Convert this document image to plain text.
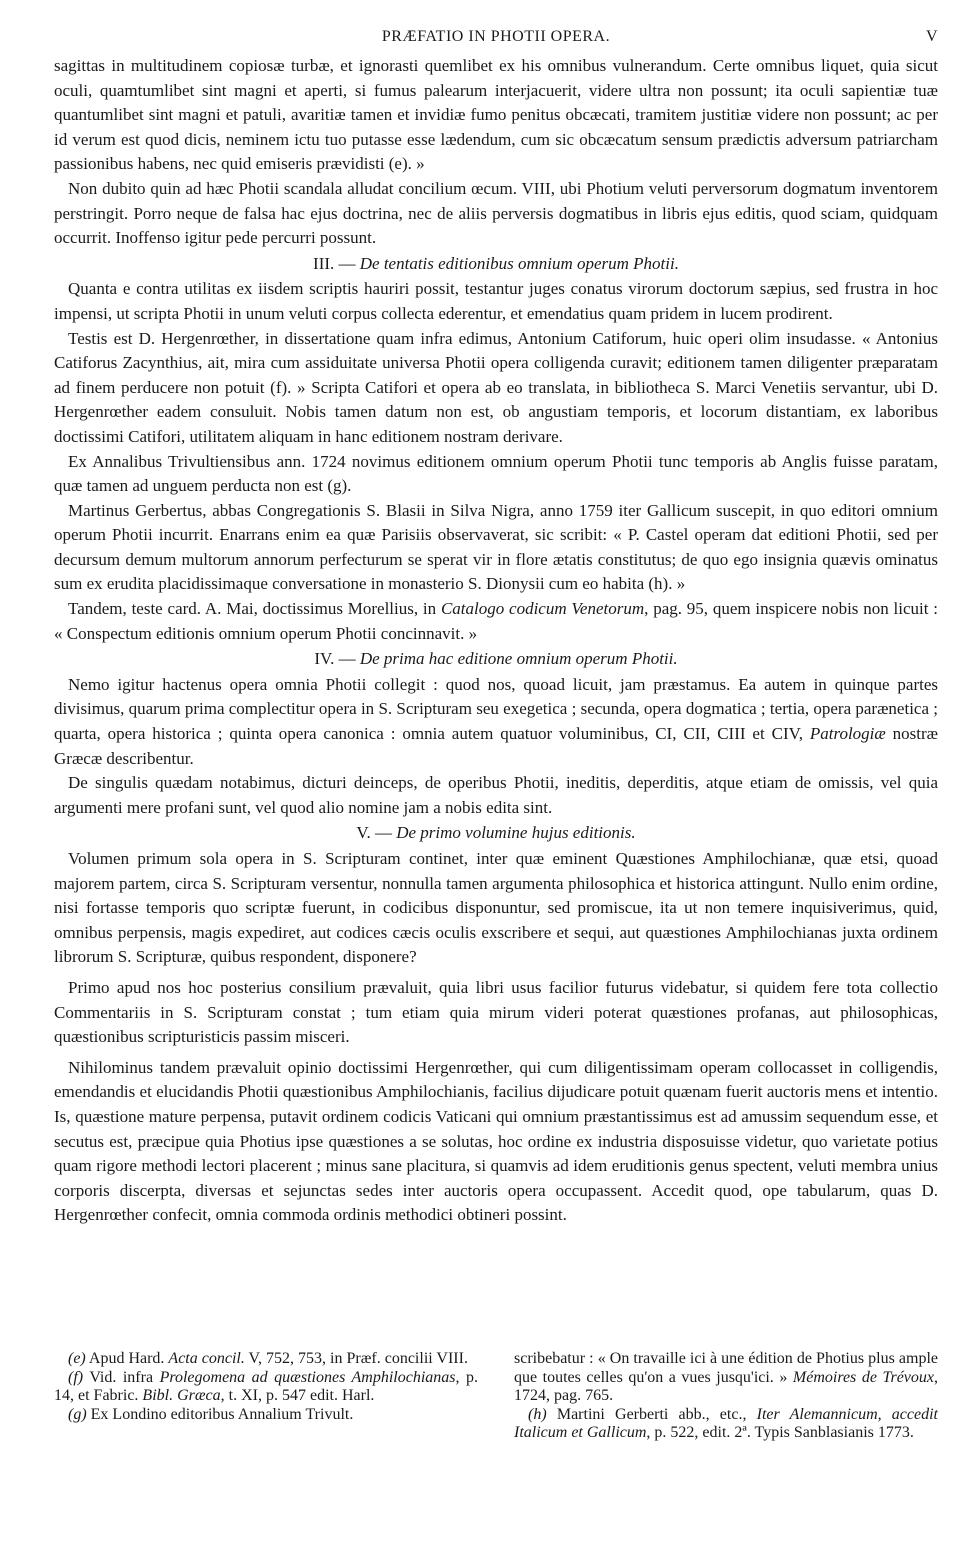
PRÆFATIO IN PHOTII OPERA.	V

sagittas in multitudinem copiosæ turbæ, et ignorasti quemlibet ex his omnibus vulnerandum. Certe omnibus liquet, quia sicut oculi, quamtumlibet sint magni et aperti, si fumus palearum interjacuerit, videre ultra non possunt; ita oculi sapientiæ tuæ quantumlibet sint magni et patuli, avaritiæ tamen et invidiæ fumo penitus obcæcati, tramitem justitiæ videre non possunt; ac per id verum est quod dicis, neminem ictu tuo putasse esse lædendum, cum sic obcæcatum sensum prædictis adversum patriarcham passionibus habens, nec quid emiseris prævidisti (e). »

Non dubito quin ad hæc Photii scandala alludat concilium œcum. VIII, ubi Photium veluti perversorum dogmatum inventorem perstringit. Porro neque de falsa hac ejus doctrina, nec de aliis perversis dogmatibus in libris ejus editis, quod sciam, quidquam occurrit. Inoffenso igitur pede percurri possunt.

III. — De tentatis editionibus omnium operum Photii.

Quanta e contra utilitas ex iisdem scriptis hauriri possit, testantur juges conatus virorum doctorum sæpius, sed frustra in hoc impensi, ut scripta Photii in unum veluti corpus collecta ederentur, et emendatius quam pridem in lucem prodirent.

Testis est D. Hergenrœther, in dissertatione quam infra edimus, Antonium Catiforum, huic operi olim insudasse. « Antonius Catiforus Zacynthius, ait, mira cum assiduitate universa Photii opera colligenda curavit; editionem tamen diligenter præparatam ad finem perducere non potuit (f). » Scripta Catifori et opera ab eo translata, in bibliotheca S. Marci Venetiis servantur, ubi D. Hergenrœther eadem consuluit. Nobis tamen datum non est, ob angustiam temporis, et locorum distantiam, ex laboribus doctissimi Catifori, utilitatem aliquam in hanc editionem nostram derivare.

Ex Annalibus Trivultiensibus ann. 1724 novimus editionem omnium operum Photii tunc temporis ab Anglis fuisse paratam, quæ tamen ad unguem perducta non est (g).

Martinus Gerbertus, abbas Congregationis S. Blasii in Silva Nigra, anno 1759 iter Gallicum suscepit, in quo editori omnium operum Photii incurrit. Enarrans enim ea quæ Parisiis observaverat, sic scribit: « P. Castel operam dat editioni Photii, sed per decursum demum multorum annorum perfecturum se sperat vir in flore ætatis constitutus; de quo ego insignia quævis ominatus sum ex erudita placidissimaque conversatione in monasterio S. Dionysii cum eo habita (h). »

Tandem, teste card. A. Mai, doctissimus Morellius, in Catalogo codicum Venetorum, pag. 95, quem inspicere nobis non licuit : « Conspectum editionis omnium operum Photii concinnavit. »

IV. — De prima hac editione omnium operum Photii.

Nemo igitur hactenus opera omnia Photii collegit : quod nos, quoad licuit, jam præstamus. Ea autem in quinque partes divisimus, quarum prima complectitur opera in S. Scripturam seu exegetica ; secunda, opera dogmatica ; tertia, opera parænetica ; quarta, opera historica ; quinta opera canonica : omnia autem quatuor voluminibus, CI, CII, CIII et CIV, Patrologiæ nostræ Græcæ describentur.

De singulis quædam notabimus, dicturi deinceps, de operibus Photii, ineditis, deperditis, atque etiam de omissis, vel quia argumenti mere profani sunt, vel quod alio nomine jam a nobis edita sint.

V. — De primo volumine hujus editionis.

Volumen primum sola opera in S. Scripturam continet, inter quæ eminent Quæstiones Amphilochianæ, quæ etsi, quoad majorem partem, circa S. Scripturam versentur, nonnulla tamen argumenta philosophica et historica attingunt. Nullo enim ordine, nisi fortasse temporis quo scriptæ fuerunt, in codicibus disponuntur, sed promiscue, ita ut non temere inquisiverimus, quid, omnibus perpensis, magis expediret, aut codices cæcis oculis exscribere et sequi, aut quæstiones Amphilochianas juxta ordinem librorum S. Scripturæ, quibus respondent, disponere?

Primo apud nos hoc posterius consilium prævaluit, quia libri usus facilior futurus videbatur, si quidem fere tota collectio Commentariis in S. Scripturam constat ; tum etiam quia mirum videri poterat quæstiones profanas, aut philosophicas, quæstionibus scripturisticis passim misceri.

Nihilominus tandem prævaluit opinio doctissimi Hergenrœther, qui cum diligentissimam operam collocasset in colligendis, emendandis et elucidandis Photii quæstionibus Amphilochianis, facilius dijudicare potuit quænam fuerit auctoris mens et intentio. Is, quæstione mature perpensa, putavit ordinem codicis Vaticani qui omnium præstantissimus est ad amussim sequendum esse, et secutus est, præcipue quia Photius ipse quæstiones a se solutas, hoc ordine ex industria disposuisse videtur, quo varietate potius quam rigore methodi lectori placerent ; minus sane placitura, si quamvis ad idem eruditionis genus spectent, veluti membra unius corporis discerpta, diversas et sejunctas sedes inter auctoris opera occupassent. Accedit quod, ope tabularum, quas D. Hergenrœther confecit, omnia commoda ordinis methodici obtineri possint.

(e) Apud Hard. Acta concil. V, 752, 753, in Præf. concilii VIII.

(f) Vid. infra Prolegomena ad quæstiones Amphilochianas, p. 14, et Fabric. Bibl. Græca, t. XI, p. 547 edit. Harl.

(g) Ex Londino editoribus Annalium Trivult.

scribebatur : « On travaille ici à une édition de Photius plus ample que toutes celles qu'on a vues jusqu'ici. » Mémoires de Trévoux, 1724, pag. 765.

(h) Martini Gerberti abb., etc., Iter Alemannicum, accedit Italicum et Gallicum, p. 522, edit. 2ª. Typis Sanblasianis 1773.
